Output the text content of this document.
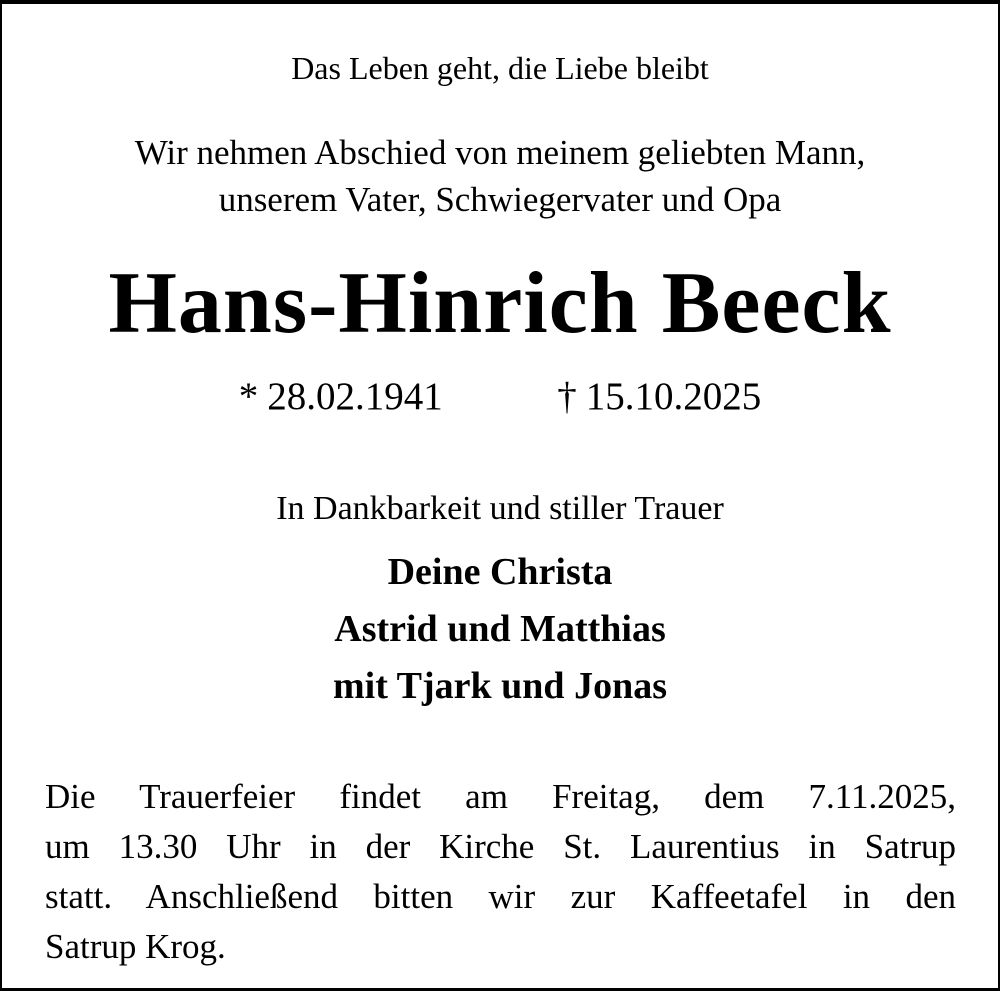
Das Leben geht, die Liebe bleibt
Wir nehmen Abschied von meinem geliebten Mann,
unserem Vater, Schwiegervater und Opa
Hans-Hinrich Beeck
* 28.02.1941	† 15.10.2025
In Dankbarkeit und stiller Trauer
Deine Christa
Astrid und Matthias
mit Tjark und Jonas
Die Trauerfeier findet am Freitag, dem 7.11.2025,
um 13.30 Uhr in der Kirche St. Laurentius in Satrup
statt. Anschließend bitten wir zur Kaffeetafel in den
Satrup Krog.
